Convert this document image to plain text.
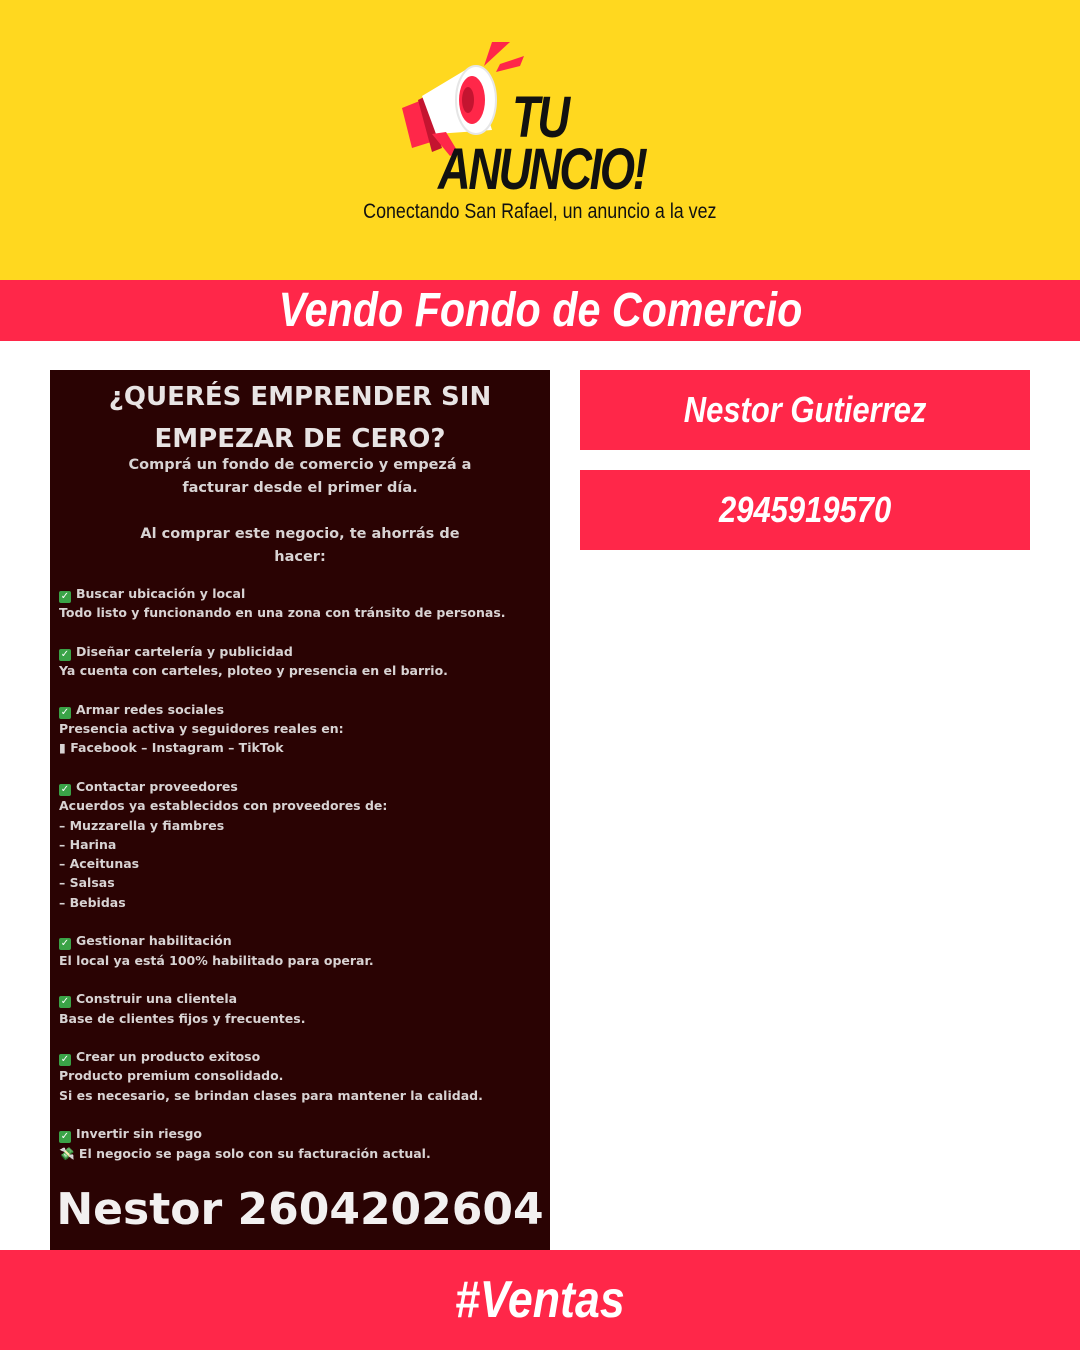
TU
ANUNCIO!
Conectando San Rafael, un anuncio a la vez
Vendo Fondo de Comercio
¿QUERÉS EMPRENDER SIN
EMPEZAR DE CERO?
Comprá un fondo de comercio y empezá a
facturar desde el primer día.
Al comprar este negocio, te ahorrás de
hacer:
✓ Buscar ubicación y local
Todo listo y funcionando en una zona con tránsito de personas.
✓ Diseñar cartelería y publicidad
Ya cuenta con carteles, ploteo y presencia en el barrio.
✓ Armar redes sociales
Presencia activa y seguidores reales en:
▮ Facebook – Instagram – TikTok
✓ Contactar proveedores
Acuerdos ya establecidos con proveedores de:
– Muzzarella y fiambres
– Harina
– Aceitunas
– Salsas
– Bebidas
✓ Gestionar habilitación
El local ya está 100% habilitado para operar.
✓ Construir una clientela
Base de clientes fijos y frecuentes.
✓ Crear un producto exitoso
Producto premium consolidado.
Si es necesario, se brindan clases para mantener la calidad.
✓ Invertir sin riesgo
💸 El negocio se paga solo con su facturación actual.
Nestor 2604202604
Nestor Gutierrez
2945919570
#Ventas
